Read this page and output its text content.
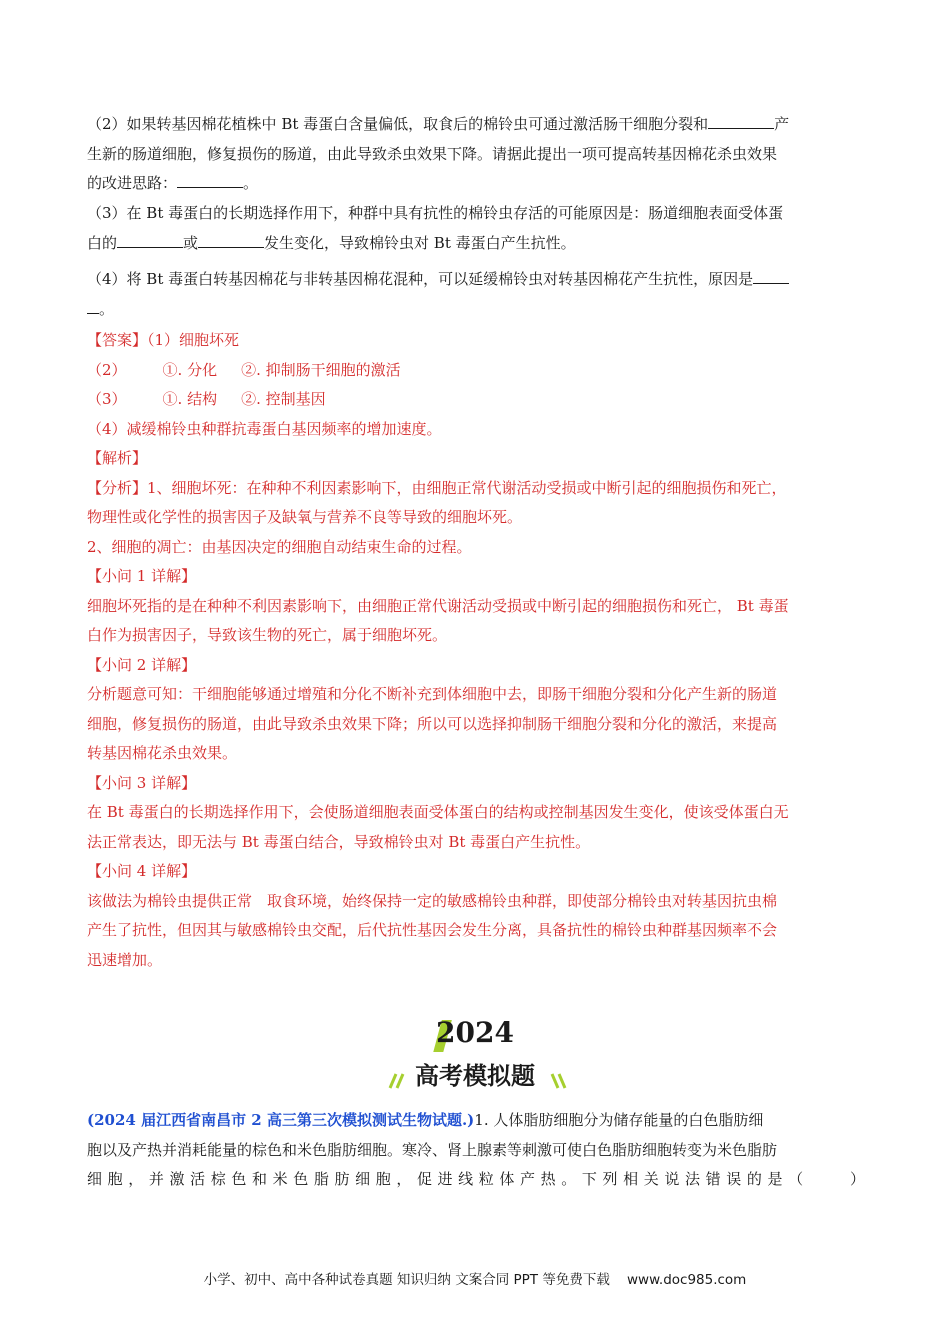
（2）如果转基因棉花植株中 Bt 毒蛋白含量偏低，取食后的棉铃虫可通过激活肠干细胞分裂和	产
生新的肠道细胞，修复损伤的肠道，由此导致杀虫效果下降。请据此提出一项可提高转基因棉花杀虫效果
的改进思路：	。

（3）在 Bt 毒蛋白的长期选择作用下，种群中具有抗性的棉铃虫存活的可能原因是：肠道细胞表面受体蛋
白的	或	发生变化，导致棉铃虫对 Bt 毒蛋白产生抗性。

（4）将 Bt 毒蛋白转基因棉花与非转基因棉花混种，可以延缓棉铃虫对转基因棉花产生抗性，原因是
。

【答案】（1）细胞坏死
（2） ①. 分化 ②. 抑制肠干细胞的激活
（3） ①. 结构 ②. 控制基因
（4）减缓棉铃虫种群抗毒蛋白基因频率的增加速度。
【解析】
【分析】1、细胞坏死：在种种不利因素影响下，由细胞正常代谢活动受损或中断引起的细胞损伤和死亡，
物理性或化学性的损害因子及缺氧与营养不良等导致的细胞坏死。
2、细胞的凋亡：由基因决定的细胞自动结束生命的过程。
【小问 1 详解】
细胞坏死指的是在种种不利因素影响下，由细胞正常代谢活动受损或中断引起的细胞损伤和死亡， Bt 毒蛋
白作为损害因子，导致该生物的死亡，属于细胞坏死。
【小问 2 详解】
分析题意可知：干细胞能够通过增殖和分化不断补充到体细胞中去，即肠干细胞分裂和分化产生新的肠道
细胞，修复损伤的肠道，由此导致杀虫效果下降；所以可以选择抑制肠干细胞分裂和分化的激活，来提高
转基因棉花杀虫效果。
【小问 3 详解】
在 Bt 毒蛋白的长期选择作用下，会使肠道细胞表面受体蛋白的结构或控制基因发生变化，使该受体蛋白无
法正常表达，即无法与 Bt 毒蛋白结合，导致棉铃虫对 Bt 毒蛋白产生抗性。
【小问 4 详解】
该做法为棉铃虫提供正常　取食环境，始终保持一定的敏感棉铃虫种群，即使部分棉铃虫对转基因抗虫棉
产生了抗性，但因其与敏感棉铃虫交配，后代抗性基因会发生分离，具备抗性的棉铃虫种群基因频率不会
迅速增加。

2024
高考模拟题

(2024 届江西省南昌市 2 高三第三次模拟测试生物试题.)1. 人体脂肪细胞分为储存能量的白色脂肪细
胞以及产热并消耗能量的棕色和米色脂肪细胞。寒冷、肾上腺素等刺激可使白色脂肪细胞转变为米色脂肪

细胞，并激活棕色和米色脂肪细胞，促进线粒体产热。下列相关说法错误的是（　　）

小学、初中、高中各种试卷真题 知识归纳 文案合同 PPT 等免费下载 www.doc985.com
